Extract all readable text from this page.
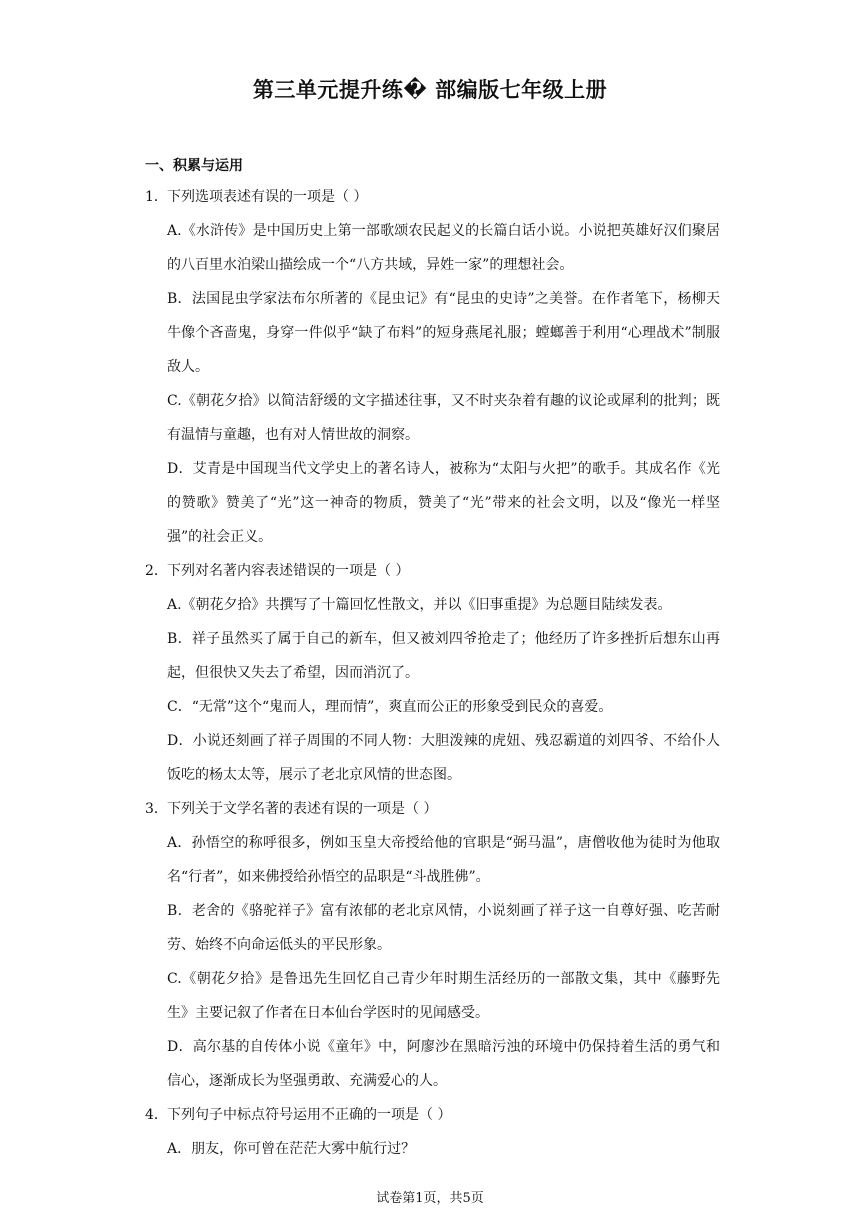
第三单元提升练� 部编版七年级上册
一、积累与运用
1． 下列选项表述有误的一项是（ ）
A.《水浒传》是中国历史上第一部歌颂农民起义的长篇白话小说。小说把英雄好汉们聚居的八百里水泊梁山描绘成一个“八方共域，异姓一家”的理想社会。
B．法国昆虫学家法布尔所著的《昆虫记》有“昆虫的史诗”之美誉。在作者笔下，杨柳天牛像个吝啬鬼，身穿一件似乎“缺了布料”的短身燕尾礼服；螳螂善于利用“心理战术”制服敌人。
C.《朝花夕拾》以简洁舒缓的文字描述往事，又不时夹杂着有趣的议论或犀利的批判；既有温情与童趣，也有对人情世故的洞察。
D．艾青是中国现当代文学史上的著名诗人，被称为“太阳与火把”的歌手。其成名作《光的赞歌》赞美了“光”这一神奇的物质，赞美了“光”带来的社会文明，以及“像光一样坚强”的社会正义。
2． 下列对名著内容表述错误的一项是（ ）
A.《朝花夕拾》共撰写了十篇回忆性散文，并以《旧事重提》为总题目陆续发表。
B．祥子虽然买了属于自己的新车，但又被刘四爷抢走了；他经历了许多挫折后想东山再起，但很快又失去了希望，因而消沉了。
C．“无常”这个“鬼而人，理而情”，爽直而公正的形象受到民众的喜爱。
D．小说还刻画了祥子周围的不同人物：大胆泼辣的虎妞、残忍霸道的刘四爷、不给仆人饭吃的杨太太等，展示了老北京风情的世态图。
3． 下列关于文学名著的表述有误的一项是（ ）
A．孙悟空的称呼很多，例如玉皇大帝授给他的官职是“弼马温”，唐僧收他为徒时为他取名“行者”，如来佛授给孙悟空的品职是“斗战胜佛”。
B．老舍的《骆驼祥子》富有浓郁的老北京风情，小说刻画了祥子这一自尊好强、吃苦耐劳、始终不向命运低头的平民形象。
C.《朝花夕拾》是鲁迅先生回忆自己青少年时期生活经历的一部散文集，其中《藤野先生》主要记叙了作者在日本仙台学医时的见闻感受。
D．高尔基的自传体小说《童年》中，阿廖沙在黑暗污浊的环境中仍保持着生活的勇气和信心，逐渐成长为坚强勇敢、充满爱心的人。
4． 下列句子中标点符号运用不正确的一项是（ ）
A．朋友，你可曾在茫茫大雾中航行过？
试卷第1页，共5页
